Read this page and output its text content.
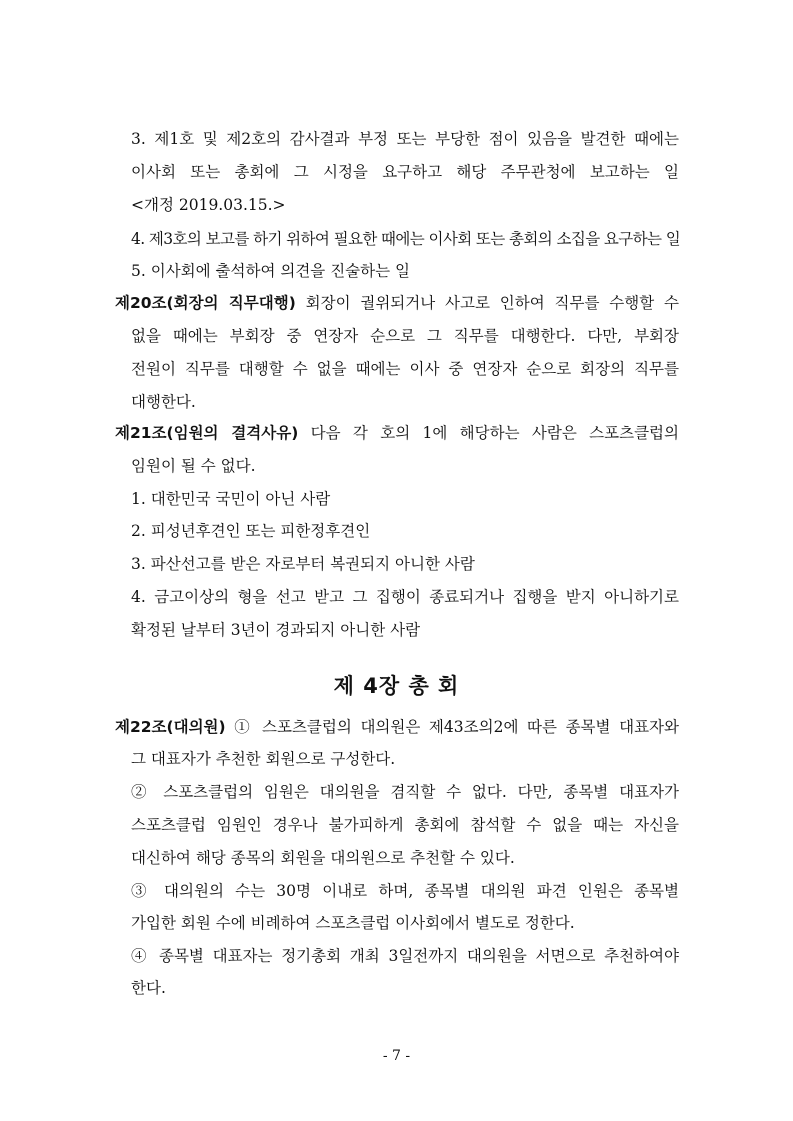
3. 제1호 및 제2호의 감사결과 부정 또는 부당한 점이 있음을 발견한 때에는
이사회 또는 총회에 그 시정을 요구하고 해당 주무관청에 보고하는 일
<개정 2019.03.15.>
4. 제3호의 보고를 하기 위하여 필요한 때에는 이사회 또는 총회의 소집을 요구하는 일
5. 이사회에 출석하여 의견을 진술하는 일
제20조(회장의 직무대행) 회장이 궐위되거나 사고로 인하여 직무를 수행할 수
없을 때에는 부회장 중 연장자 순으로 그 직무를 대행한다. 다만, 부회장
전원이 직무를 대행할 수 없을 때에는 이사 중 연장자 순으로 회장의 직무를
대행한다.
제21조(임원의 결격사유) 다음 각 호의 1에 해당하는 사람은 스포츠클럽의
임원이 될 수 없다.
1. 대한민국 국민이 아닌 사람
2. 피성년후견인 또는 피한정후견인
3. 파산선고를 받은 자로부터 복권되지 아니한 사람
4. 금고이상의 형을 선고 받고 그 집행이 종료되거나 집행을 받지 아니하기로
확정된 날부터 3년이 경과되지 아니한 사람
제 4장 총 회
제22조(대의원) ① 스포츠클럽의 대의원은 제43조의2에 따른 종목별 대표자와
그 대표자가 추천한 회원으로 구성한다.
② 스포츠클럽의 임원은 대의원을 겸직할 수 없다. 다만, 종목별 대표자가
스포츠클럽 임원인 경우나 불가피하게 총회에 참석할 수 없을 때는 자신을
대신하여 해당 종목의 회원을 대의원으로 추천할 수 있다.
③ 대의원의 수는 30명 이내로 하며, 종목별 대의원 파견 인원은 종목별
가입한 회원 수에 비례하여 스포츠클럽 이사회에서 별도로 정한다.
④ 종목별 대표자는 정기총회 개최 3일전까지 대의원을 서면으로 추천하여야
한다.
- 7 -
